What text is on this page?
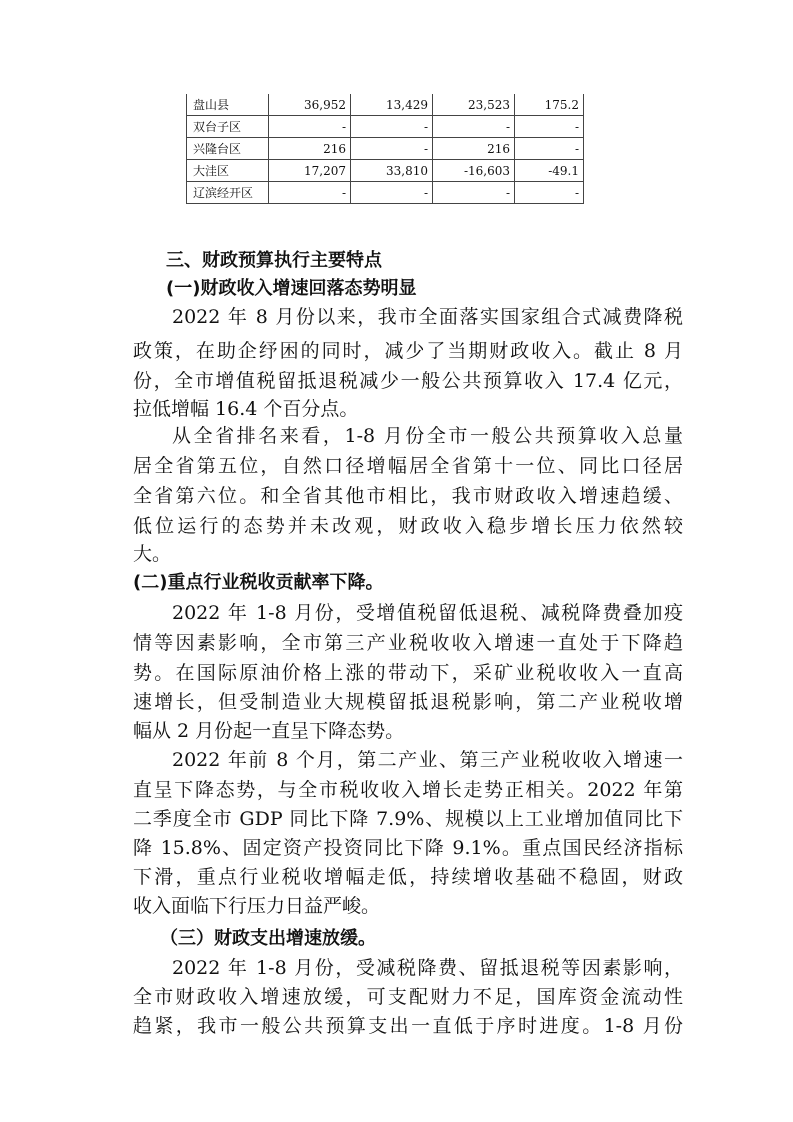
盘山县	36,952	13,429	23,523	175.2
双台子区	-	-	-	-
兴隆台区	216	-	216	-
大洼区	17,207	33,810	-16,603	-49.1
辽滨经开区	-	-	-	-
三、财政预算执行主要特点
(一)财政收入增速回落态势明显
2022 年 8 月份以来，我市全面落实国家组合式减费降税
政策，在助企纾困的同时，减少了当期财政收入。截止 8 月
份，全市增值税留抵退税减少一般公共预算收入 17.4 亿元，
拉低增幅 16.4 个百分点。
从全省排名来看，1-8 月份全市一般公共预算收入总量
居全省第五位，自然口径增幅居全省第十一位、同比口径居
全省第六位。和全省其他市相比，我市财政收入增速趋缓、
低位运行的态势并未改观，财政收入稳步增长压力依然较
大。
(二)重点行业税收贡献率下降。
2022 年 1-8 月份，受增值税留低退税、减税降费叠加疫
情等因素影响，全市第三产业税收收入增速一直处于下降趋
势。在国际原油价格上涨的带动下，采矿业税收收入一直高
速增长，但受制造业大规模留抵退税影响，第二产业税收增
幅从 2 月份起一直呈下降态势。
2022 年前 8 个月，第二产业、第三产业税收收入增速一
直呈下降态势，与全市税收收入增长走势正相关。2022 年第
二季度全市 GDP 同比下降 7.9%、规模以上工业增加值同比下
降 15.8%、固定资产投资同比下降 9.1%。重点国民经济指标
下滑，重点行业税收增幅走低，持续增收基础不稳固，财政
收入面临下行压力日益严峻。
（三）财政支出增速放缓。
2022 年 1-8 月份，受减税降费、留抵退税等因素影响，
全市财政收入增速放缓，可支配财力不足，国库资金流动性
趋紧，我市一般公共预算支出一直低于序时进度。1-8 月份
